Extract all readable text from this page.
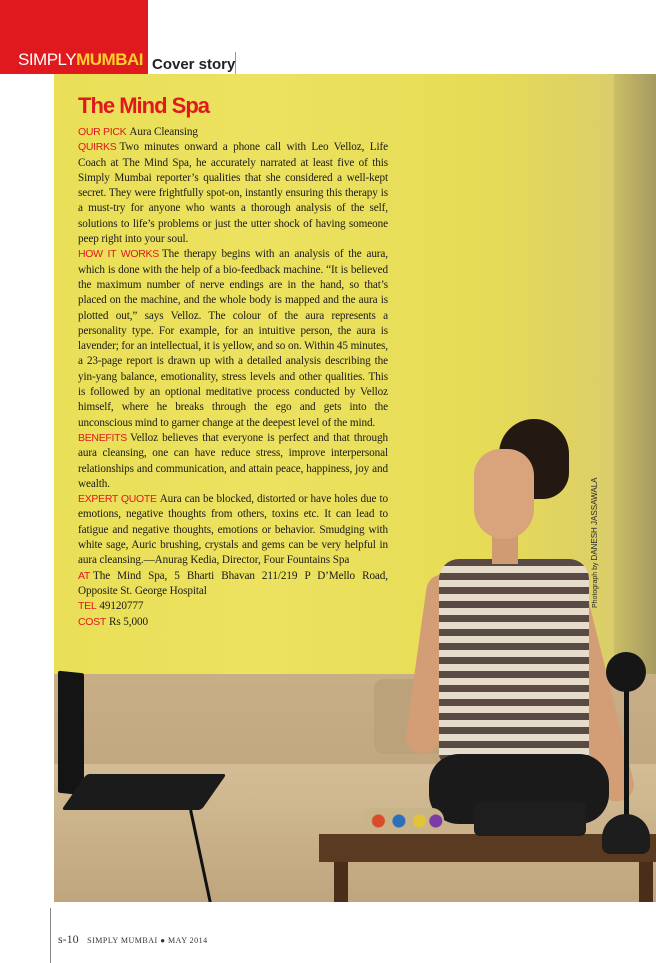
SIMPLYMUMBAI Cover story
Photograph by DANESH JASSAWALA
The Mind Spa

OUR PICK Aura Cleansing

QUIRKS Two minutes onward a phone call with Leo Velloz, Life Coach at The Mind Spa, he accurately narrated at least five of this Simply Mumbai reporter’s qualities that she considered a well-kept secret. They were frightfully spot-on, instantly ensuring this therapy is a must-try for anyone who wants a thorough analysis of the self, solutions to life’s problems or just the utter shock of having someone peep right into your soul.

HOW IT WORKS The therapy begins with an analysis of the aura, which is done with the help of a bio-feedback machine. “It is believed the maximum number of nerve endings are in the hand, so that’s placed on the machine, and the whole body is mapped and the aura is plotted out,” says Velloz. The colour of the aura represents a personality type. For example, for an intuitive person, the aura is lavender; for an intellectual, it is yellow, and so on. Within 45 minutes, a 23-page report is drawn up with a detailed analysis describing the yin-yang balance, emotionality, stress levels and other qualities. This is followed by an optional meditative process conducted by Velloz himself, where he breaks through the ego and gets into the unconscious mind to garner change at the deepest level of the mind.

BENEFITS Velloz believes that everyone is perfect and that through aura cleansing, one can have reduce stress, improve interpersonal relationships and communication, and attain peace, happiness, joy and wealth.

EXPERT QUOTE Aura can be blocked, distorted or have holes due to emotions, negative thoughts from others, toxins etc. It can lead to fatigue and negative thoughts, emotions or behavior. Smudging with white sage, Auric brushing, crystals and gems can be very helpful in aura cleansing.—Anurag Kedia, Director, Four Fountains Spa

AT The Mind Spa, 5 Bharti Bhavan 211/219 P D’Mello Road, Opposite St. George Hospital

TEL 49120777

COST Rs 5,000

s-10 SIMPLY MUMBAI ● MAY 2014
